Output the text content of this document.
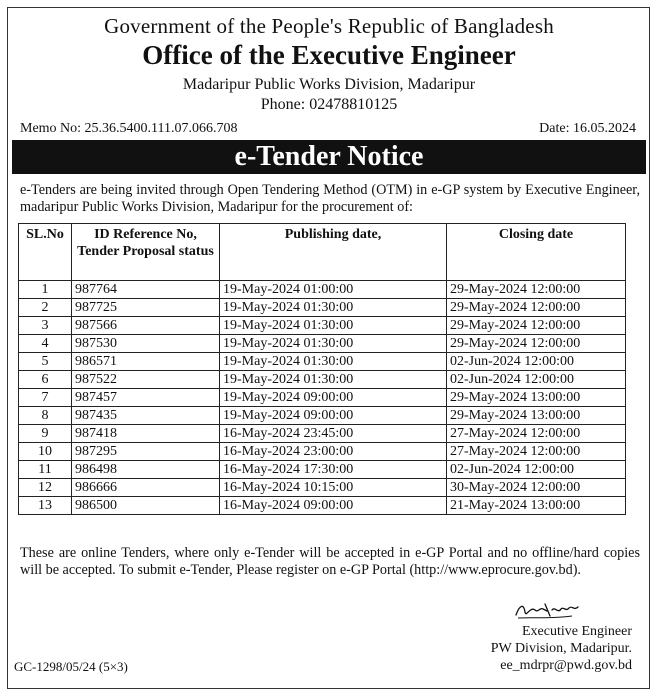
Government of the People's Republic of Bangladesh
Office of the Executive Engineer
Madaripur Public Works Division, Madaripur
Phone: 02478810125
Memo No: 25.36.5400.111.07.066.708	Date: 16.05.2024
e-Tender Notice
e-Tenders are being invited through Open Tendering Method (OTM) in e-GP system by Executive Engineer, madaripur Public Works Division, Madaripur for the procurement of:
SL.No	ID Reference No, Tender Proposal status	Publishing date,	Closing date
1	987764	19-May-2024 01:00:00	29-May-2024 12:00:00
2	987725	19-May-2024 01:30:00	29-May-2024 12:00:00
3	987566	19-May-2024 01:30:00	29-May-2024 12:00:00
4	987530	19-May-2024 01:30:00	29-May-2024 12:00:00
5	986571	19-May-2024 01:30:00	02-Jun-2024 12:00:00
6	987522	19-May-2024 01:30:00	02-Jun-2024 12:00:00
7	987457	19-May-2024 09:00:00	29-May-2024 13:00:00
8	987435	19-May-2024 09:00:00	29-May-2024 13:00:00
9	987418	16-May-2024 23:45:00	27-May-2024 12:00:00
10	987295	16-May-2024 23:00:00	27-May-2024 12:00:00
11	986498	16-May-2024 17:30:00	02-Jun-2024 12:00:00
12	986666	16-May-2024 10:15:00	30-May-2024 12:00:00
13	986500	16-May-2024 09:00:00	21-May-2024 13:00:00
These are online Tenders, where only e-Tender will be accepted in e-GP Portal and no offline/hard copies will be accepted. To submit e-Tender, Please register on e-GP Portal (http://www.eprocure.gov.bd).
Executive Engineer
PW Division, Madaripur.
ee_mdrpr@pwd.gov.bd
GC-1298/05/24 (5×3)
